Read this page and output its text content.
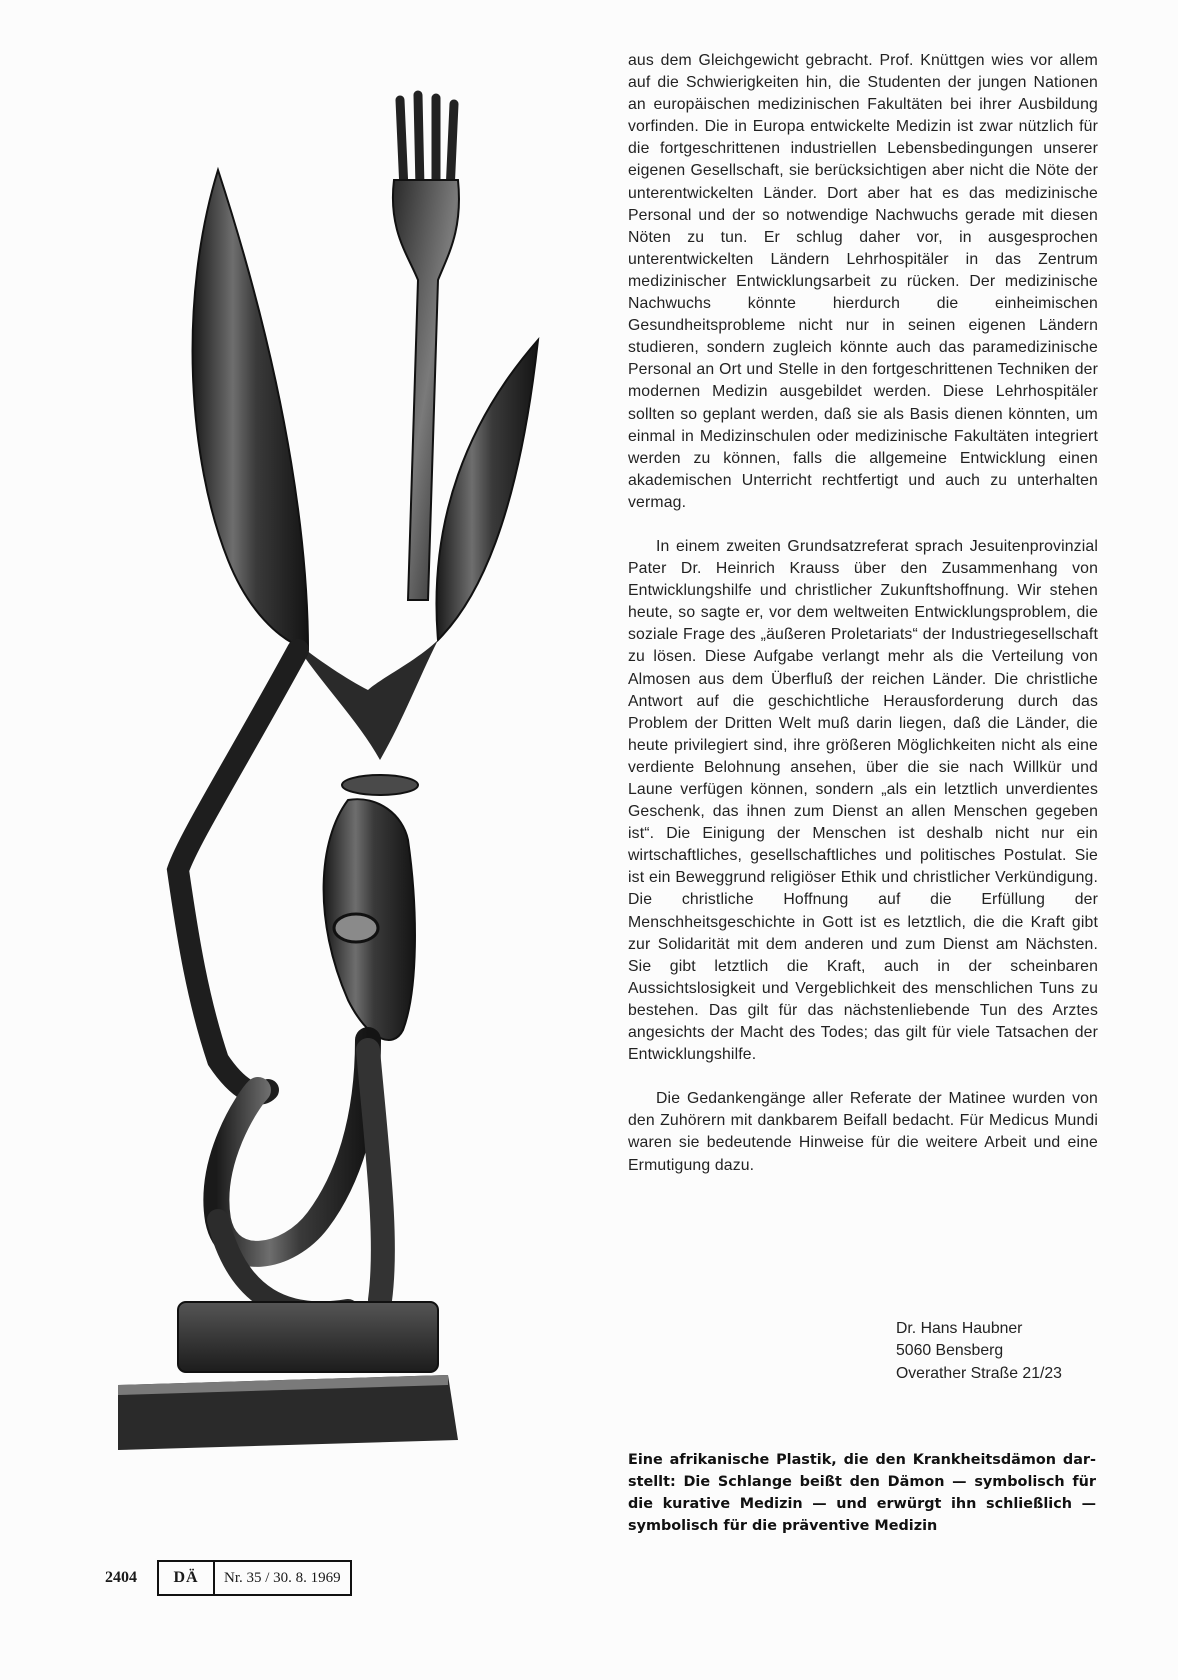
aus dem Gleichgewicht gebracht. Prof. Knüttgen wies vor allem auf die Schwierigkeiten hin, die Studenten der jungen Nationen an europäischen medizinischen Fakultäten bei ihrer Ausbildung vorfinden. Die in Europa entwickelte Medizin ist zwar nützlich für die fortgeschrittenen industriellen Lebensbedingungen unserer eigenen Gesellschaft, sie berücksichtigen aber nicht die Nöte der unterentwickelten Länder. Dort aber hat es das medizinische Personal und der so notwendige Nachwuchs gerade mit diesen Nöten zu tun. Er schlug daher vor, in ausgesprochen unterentwickelten Ländern Lehrhospitäler in das Zentrum medizinischer Entwicklungsarbeit zu rücken. Der medizinische Nachwuchs könnte hierdurch die einheimischen Gesundheitsprobleme nicht nur in seinen eigenen Ländern studieren, sondern zugleich könnte auch das paramedizinische Personal an Ort und Stelle in den fortgeschrittenen Techniken der modernen Medizin ausgebildet werden. Diese Lehrhospitäler sollten so geplant werden, daß sie als Basis dienen könnten, um einmal in Medizinschulen oder medizinische Fakultäten integriert werden zu können, falls die allgemeine Entwicklung einen akademischen Unterricht rechtfertigt und auch zu unterhalten vermag.

In einem zweiten Grundsatzreferat sprach Jesuitenprovinzial Pater Dr. Heinrich Krauss über den Zusammenhang von Entwicklungshilfe und christlicher Zukunftshoffnung. Wir stehen heute, so sagte er, vor dem weltweiten Entwicklungsproblem, die soziale Frage des „äußeren Proletariats“ der Industriegesellschaft zu lösen. Diese Aufgabe verlangt mehr als die Verteilung von Almosen aus dem Überfluß der reichen Länder. Die christliche Antwort auf die geschichtliche Herausforderung durch das Problem der Dritten Welt muß darin liegen, daß die Länder, die heute privilegiert sind, ihre größeren Möglichkeiten nicht als eine verdiente Belohnung ansehen, über die sie nach Willkür und Laune verfügen können, sondern „als ein letztlich unverdientes Geschenk, das ihnen zum Dienst an allen Menschen gegeben ist“. Die Einigung der Menschen ist deshalb nicht nur ein wirtschaftliches, gesellschaftliches und politisches Postulat. Sie ist ein Beweggrund religiöser Ethik und christlicher Verkündigung. Die christliche Hoffnung auf die Erfüllung der Menschheitsgeschichte in Gott ist es letztlich, die die Kraft gibt zur Solidarität mit dem anderen und zum Dienst am Nächsten. Sie gibt letztlich die Kraft, auch in der scheinbaren Aussichtslosigkeit und Vergeblichkeit des menschlichen Tuns zu bestehen. Das gilt für das nächstenliebende Tun des Arztes angesichts der Macht des Todes; das gilt für viele Tatsachen der Entwicklungshilfe.

Die Gedankengänge aller Referate der Matinee wurden von den Zuhörern mit dankbarem Beifall bedacht. Für Medicus Mundi waren sie bedeutende Hinweise für die weitere Arbeit und eine Ermutigung dazu.

Dr. Hans Haubner
5060 Bensberg
Overather Straße 21/23
Eine afrikanische Plastik, die den Krankheitsdämon darstellt: Die Schlange beißt den Dämon — symbolisch für die kurative Medizin — und erwürgt ihn schließlich — symbolisch für die präventive Medizin
2404	DÄ	Nr. 35 / 30. 8. 1969
